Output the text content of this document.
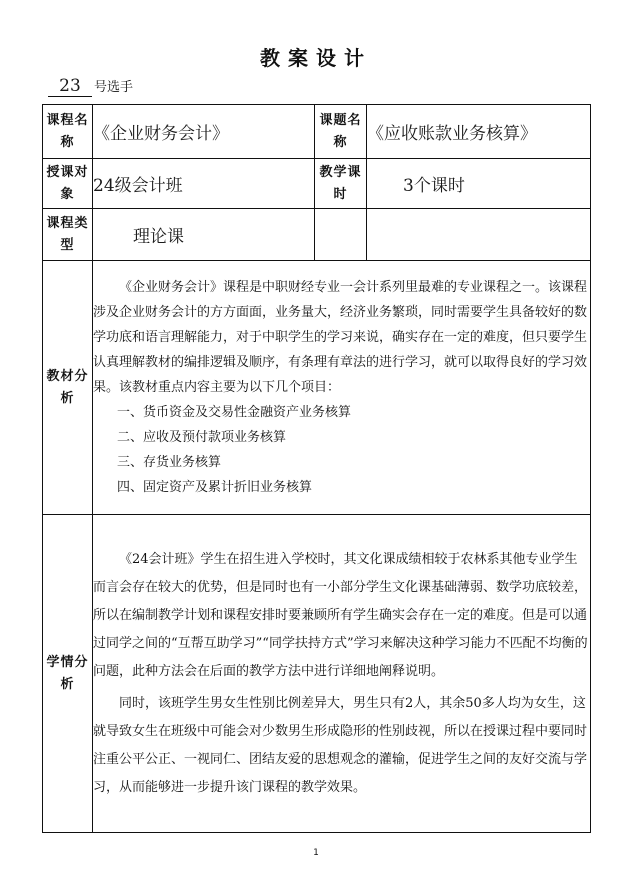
教案设计
23 号选手
课程名称	《企业财务会计》	课题名称	《应收账款业务核算》
授课对象	24级会计班	教学课时	3个课时
课程类型	理论课		
教材分析	《企业财务会计》课程是中职财经专业一会计系列里最难的专业课程之一。该课程涉及企业财务会计的方方面面，业务量大，经济业务繁琐，同时需要学生具备较好的数学功底和语言理解能力，对于中职学生的学习来说，确实存在一定的难度，但只要学生认真理解教材的编排逻辑及顺序，有条理有章法的进行学习，就可以取得良好的学习效果。该教材重点内容主要为以下几个项目：

一、货币资金及交易性金融资产业务核算
二、应收及预付款项业务核算
三、存货业务核算
四、固定资产及累计折旧业务核算		

学情分析	《24会计班》学生在招生进入学校时，其文化课成绩相较于农林系其他专业学生而言会存在较大的优势，但是同时也有一小部分学生文化课基础薄弱、数学功底较差，所以在编制教学计划和课程安排时要兼顾所有学生确实会存在一定的难度。但是可以通过同学之间的“互帮互助学习”“同学扶持方式”学习来解决这种学习能力不匹配不均衡的问题，此种方法会在后面的教学方法中进行详细地阐释说明。

同时，该班学生男女生性别比例差异大，男生只有2人，其余50多人均为女生，这就导致女生在班级中可能会对少数男生形成隐形的性别歧视，所以在授课过程中要同时注重公平公正、一视同仁、团结友爱的思想观念的灌输，促进学生之间的友好交流与学习，从而能够进一步提升该门课程的教学效果。		

1
